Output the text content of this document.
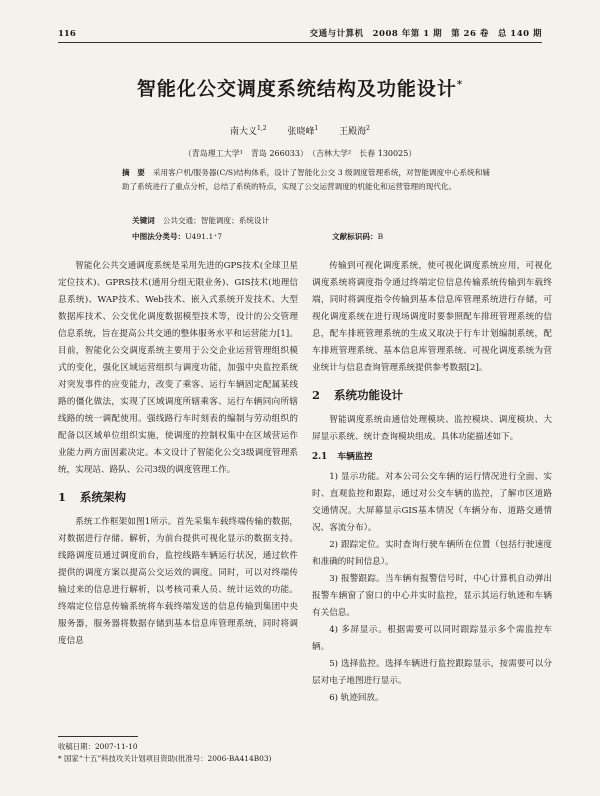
116	交通与计算机　2008 年第 1 期　第 26 卷　总 140 期
智能化公交调度系统结构及功能设计*
南大义$^{1,2}$　　 张晓峰$^1$　　 王殿海$^2$
（青岛理工大学¹　青岛 266033）　（吉林大学²　长春 130025）
摘　要 采用客户机/服务器(C/S)结构体系，设计了智能化公交 3 级调度管理系统，对智能调度中心系统和辅助了系统进行了重点分析，总结了系统的特点，实现了公交运营调度的机能化和运营管理的现代化。
关键词 公共交通；智能调度；系统设计
中图法分类号：U491.1⁺7	文献标识码：B

智能化公共交通调度系统是采用先进的GPS技术(全球卫星定位技术)、GPRS技术(通用分组无限业务)、GIS技术(地理信息系统)、WAP技术、Web技术、嵌入式系统开发技术、大型数据库技术、公交优化调度数据模型技术等，设计的公交管理信息系统，旨在提高公共交通的整体服务水平和运营能力[1]。目前，智能化公交调度系统主要用于公交企业运营管理组织模式的变化，强化区域运营组织与调度功能，加强中央监控系统对突发事件的应变能力，改变了乘客、运行车辆固定配属某线路的僵化做法，实现了区域调度所辖乘客、运行车辆同向所辖线路的统一调配使用。强线路行车时刻表的编制与劳动组织的配备以区域单位组织实施，使调度的控制权集中在区域营运作业能力两方面因素决定。本文设计了智能化公交3级调度管理系统，实现站、路队、公司3级的调度管理工作。

1 系统架构

系统工作框架如图1所示。首先采集车载终端传输的数据，对数据进行存储、解析，为前台提供可视化显示的数据支持。线路调度员通过调度前台，监控线路车辆运行状况，通过软件提供的调度方案以提高公交运效的调度。同时，可以对终端传输过来的信息进行解析，以考核司乘人员、统计运效的功能。终端定位信息传输系统将车载终端发送的信息传输到集团中央服务器，服务器将数据存储到基本信息库管理系统，同时将调度信息

传输到可视化调度系统，使可视化调度系统应用，可视化调度系统将调度指令通过终端定位信息传输系统传输到车载终端，同时将调度指令传输到基本信息库管理系统进行存储，可视化调度系统在进行现场调度时要参照配车排班管理系统的信息，配车排班管理系统的生成又取决于行车计划编制系统，配车排班管理系统、基本信息库管理系统、可视化调度系统为营业统计与信息查询管理系统提供参考数据[2]。

2 系统功能设计

智能调度系统由通信处理模块、监控模块、调度模块、大屏显示系统、统计查询模块组成。具体功能描述如下。

2.1 车辆监控

1) 显示功能。对本公司公交车辆的运行情况进行全面、实时、直观监控和跟踪，通过对公交车辆的监控，了解市区道路交通情况。大屏幕显示GIS基本情况（车辆分布、道路交通情况、客流分布）。

2) 跟踪定位。实时查询行驶车辆所在位置（包括行驶速度和准确的时间信息）。

3) 报警跟踪。当车辆有报警信号时，中心计算机自动弹出报警车辆窗了窗口的中心并实时监控，显示其运行轨迹和车辆有关信息。

4) 多屏显示。根据需要可以同时跟踪显示多个需监控车辆。

5) 选择监控。选择车辆进行监控跟踪显示，按需要可以分层对电子地图进行显示。

6) 轨迹回放。

收稿日期：2007-11-10
* 国家“十五”科技攻关计划项目资助(批准号：2006-BA414B03)
